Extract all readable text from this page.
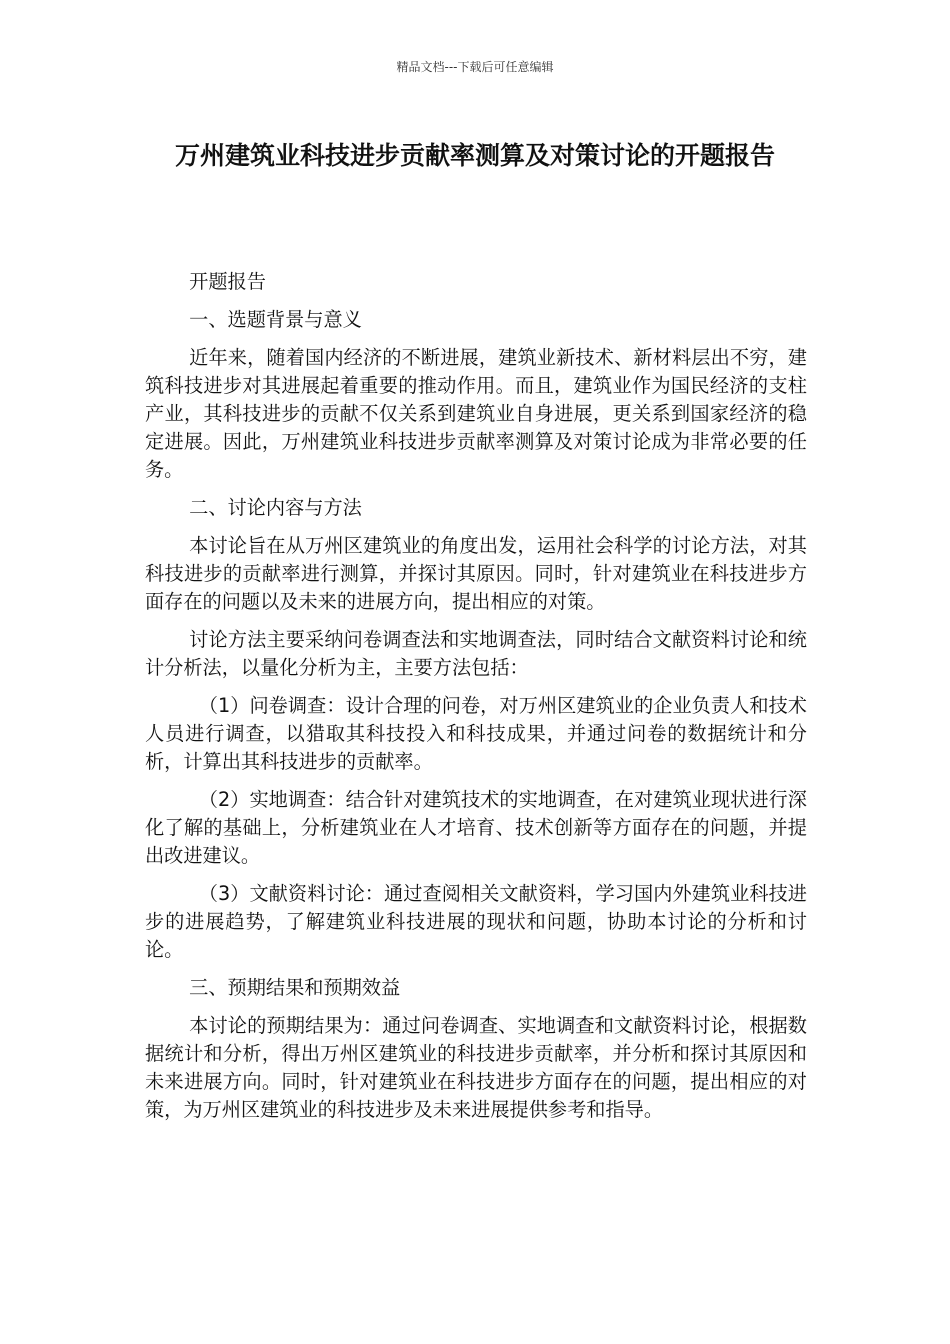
精品文档---下载后可任意编辑
万州建筑业科技进步贡献率测算及对策讨论的开题报告

开题报告

一、选题背景与意义

近年来，随着国内经济的不断进展，建筑业新技术、新材料层出不穷，建筑科技进步对其进展起着重要的推动作用。而且，建筑业作为国民经济的支柱产业，其科技进步的贡献不仅关系到建筑业自身进展，更关系到国家经济的稳定进展。因此，万州建筑业科技进步贡献率测算及对策讨论成为非常必要的任务。

二、讨论内容与方法

本讨论旨在从万州区建筑业的角度出发，运用社会科学的讨论方法，对其科技进步的贡献率进行测算，并探讨其原因。同时，针对建筑业在科技进步方面存在的问题以及未来的进展方向，提出相应的对策。

讨论方法主要采纳问卷调查法和实地调查法，同时结合文献资料讨论和统计分析法，以量化分析为主，主要方法包括：

（1）问卷调查：设计合理的问卷，对万州区建筑业的企业负责人和技术人员进行调查，以猎取其科技投入和科技成果，并通过问卷的数据统计和分析，计算出其科技进步的贡献率。

（2）实地调查：结合针对建筑技术的实地调查，在对建筑业现状进行深化了解的基础上，分析建筑业在人才培育、技术创新等方面存在的问题，并提出改进建议。

（3）文献资料讨论：通过查阅相关文献资料，学习国内外建筑业科技进步的进展趋势，了解建筑业科技进展的现状和问题，协助本讨论的分析和讨论。

三、预期结果和预期效益

本讨论的预期结果为：通过问卷调查、实地调查和文献资料讨论，根据数据统计和分析，得出万州区建筑业的科技进步贡献率，并分析和探讨其原因和未来进展方向。同时，针对建筑业在科技进步方面存在的问题，提出相应的对策，为万州区建筑业的科技进步及未来进展提供参考和指导。
